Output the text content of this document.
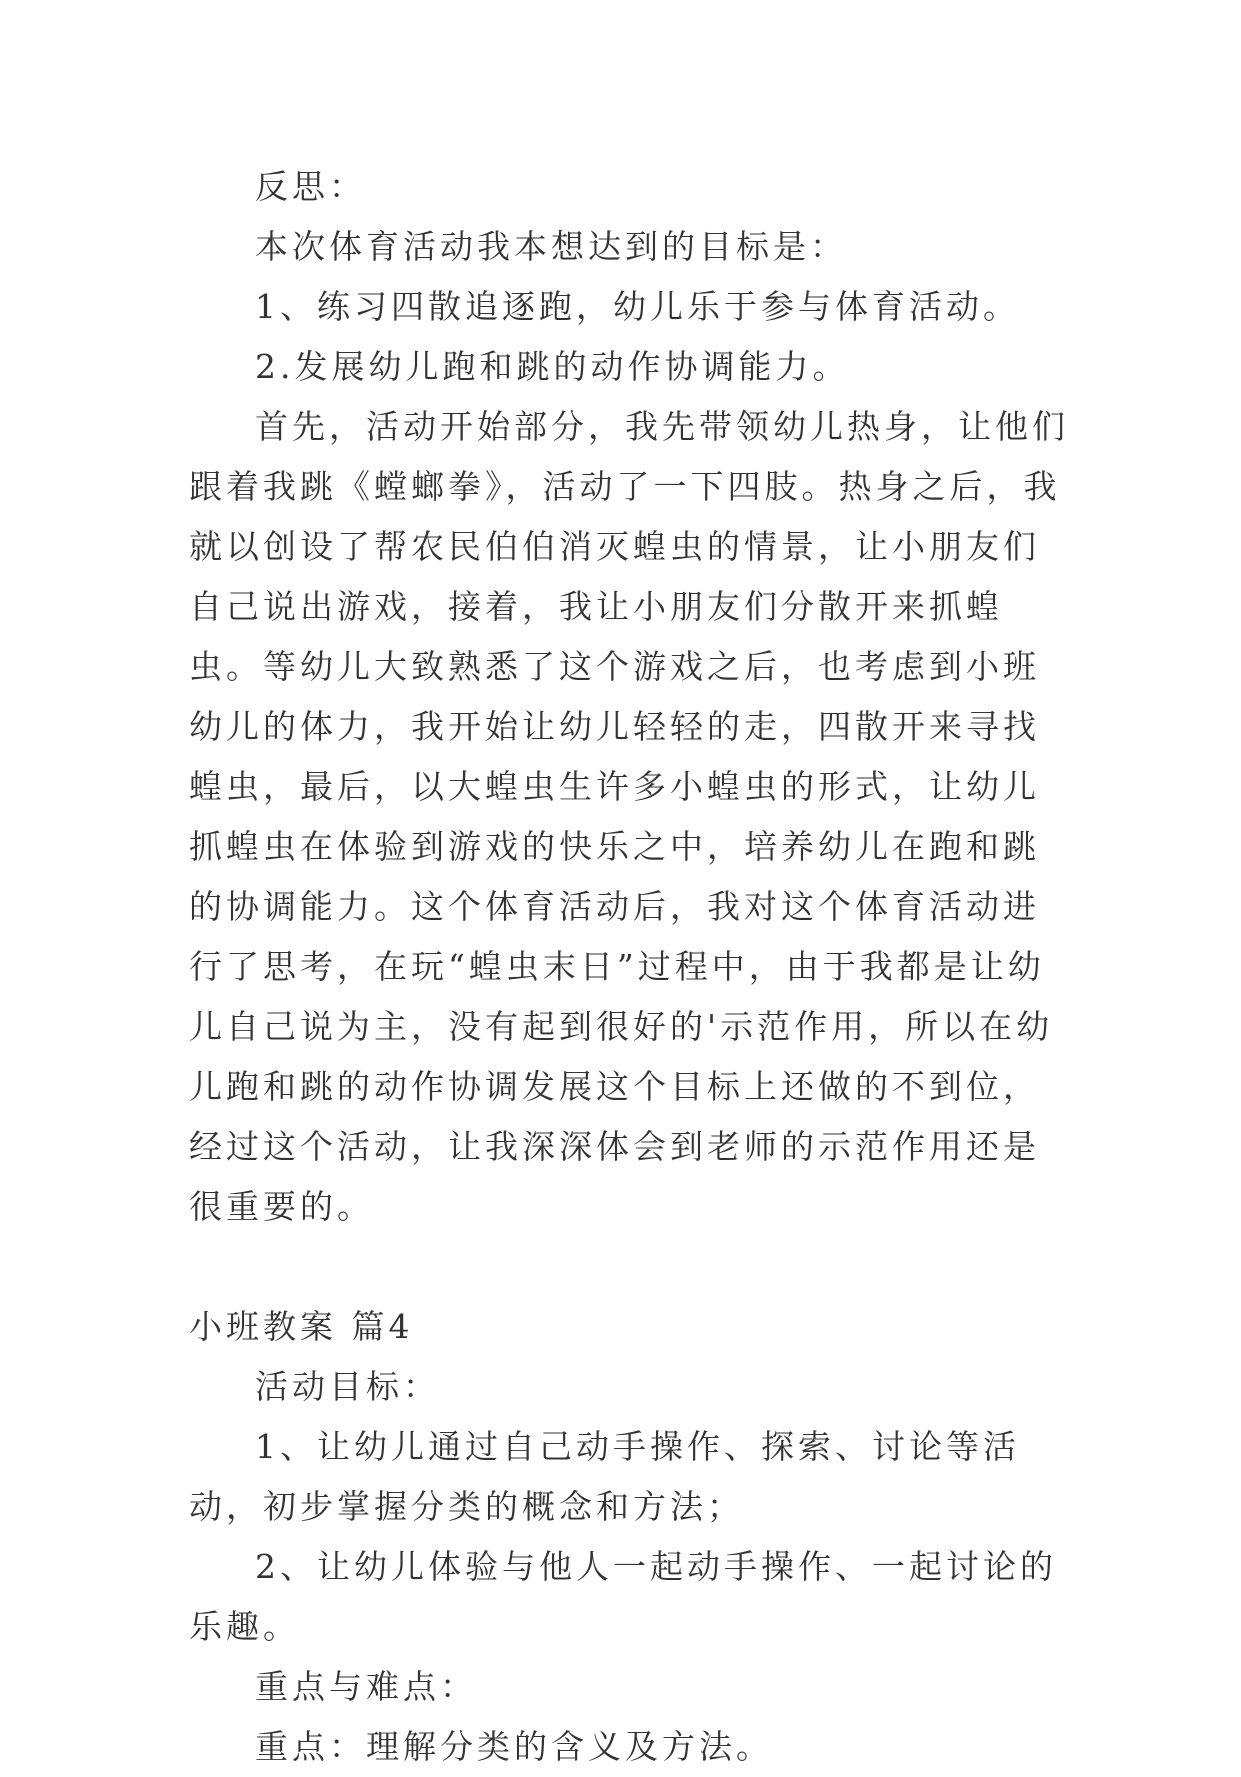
反思：

本次体育活动我本想达到的目标是：

1、练习四散追逐跑，幼儿乐于参与体育活动。

2.发展幼儿跑和跳的动作协调能力。

首先，活动开始部分，我先带领幼儿热身，让他们跟着我跳《螳螂拳》，活动了一下四肢。热身之后，我就以创设了帮农民伯伯消灭蝗虫的情景，让小朋友们自己说出游戏，接着，我让小朋友们分散开来抓蝗虫。等幼儿大致熟悉了这个游戏之后，也考虑到小班幼儿的体力，我开始让幼儿轻轻的走，四散开来寻找蝗虫，最后，以大蝗虫生许多小蝗虫的形式，让幼儿抓蝗虫在体验到游戏的快乐之中，培养幼儿在跑和跳的协调能力。这个体育活动后，我对这个体育活动进行了思考，在玩“蝗虫末日”过程中，由于我都是让幼儿自己说为主，没有起到很好的'示范作用，所以在幼儿跑和跳的动作协调发展这个目标上还做的不到位，经过这个活动，让我深深体会到老师的示范作用还是很重要的。

小班教案 篇4

活动目标：

1、让幼儿通过自己动手操作、探索、讨论等活动，初步掌握分类的概念和方法；

2、让幼儿体验与他人一起动手操作、一起讨论的乐趣。

重点与难点：

重点：理解分类的含义及方法。
